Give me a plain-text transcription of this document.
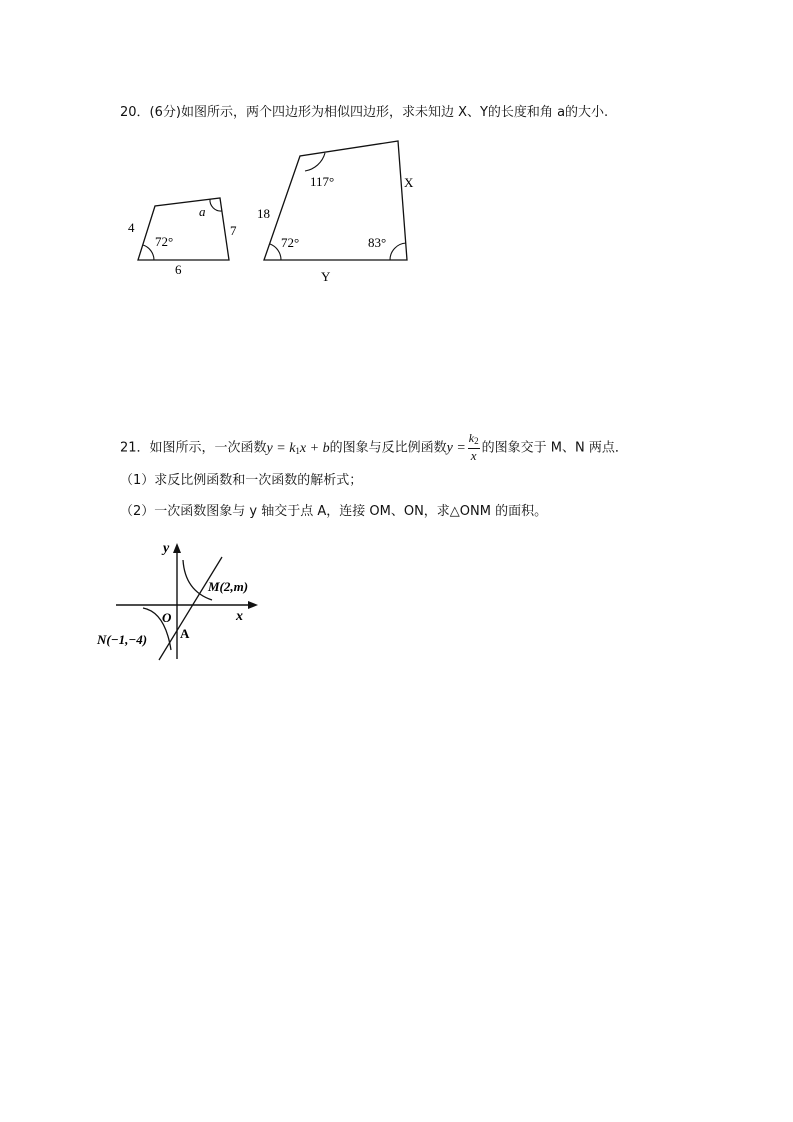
20．(6分)如图所示，两个四边形为相似四边形，求未知边 X、Y的长度和角 a的大小.
4	7
6
a
72°
18
X
Y
117°
72°	83°
21．如图所示，一次函数$y = k_1x + b$的图象与反比例函数$y = \frac{k_2}{x}$ 的图象交于 M、N 两点．
（1）求反比例函数和一次函数的解析式；
（2）一次函数图象与 y 轴交于点 A，连接 OM、ON，求△ONM 的面积。
y
x
O
M(2,m)
N(−1,−4)	A
